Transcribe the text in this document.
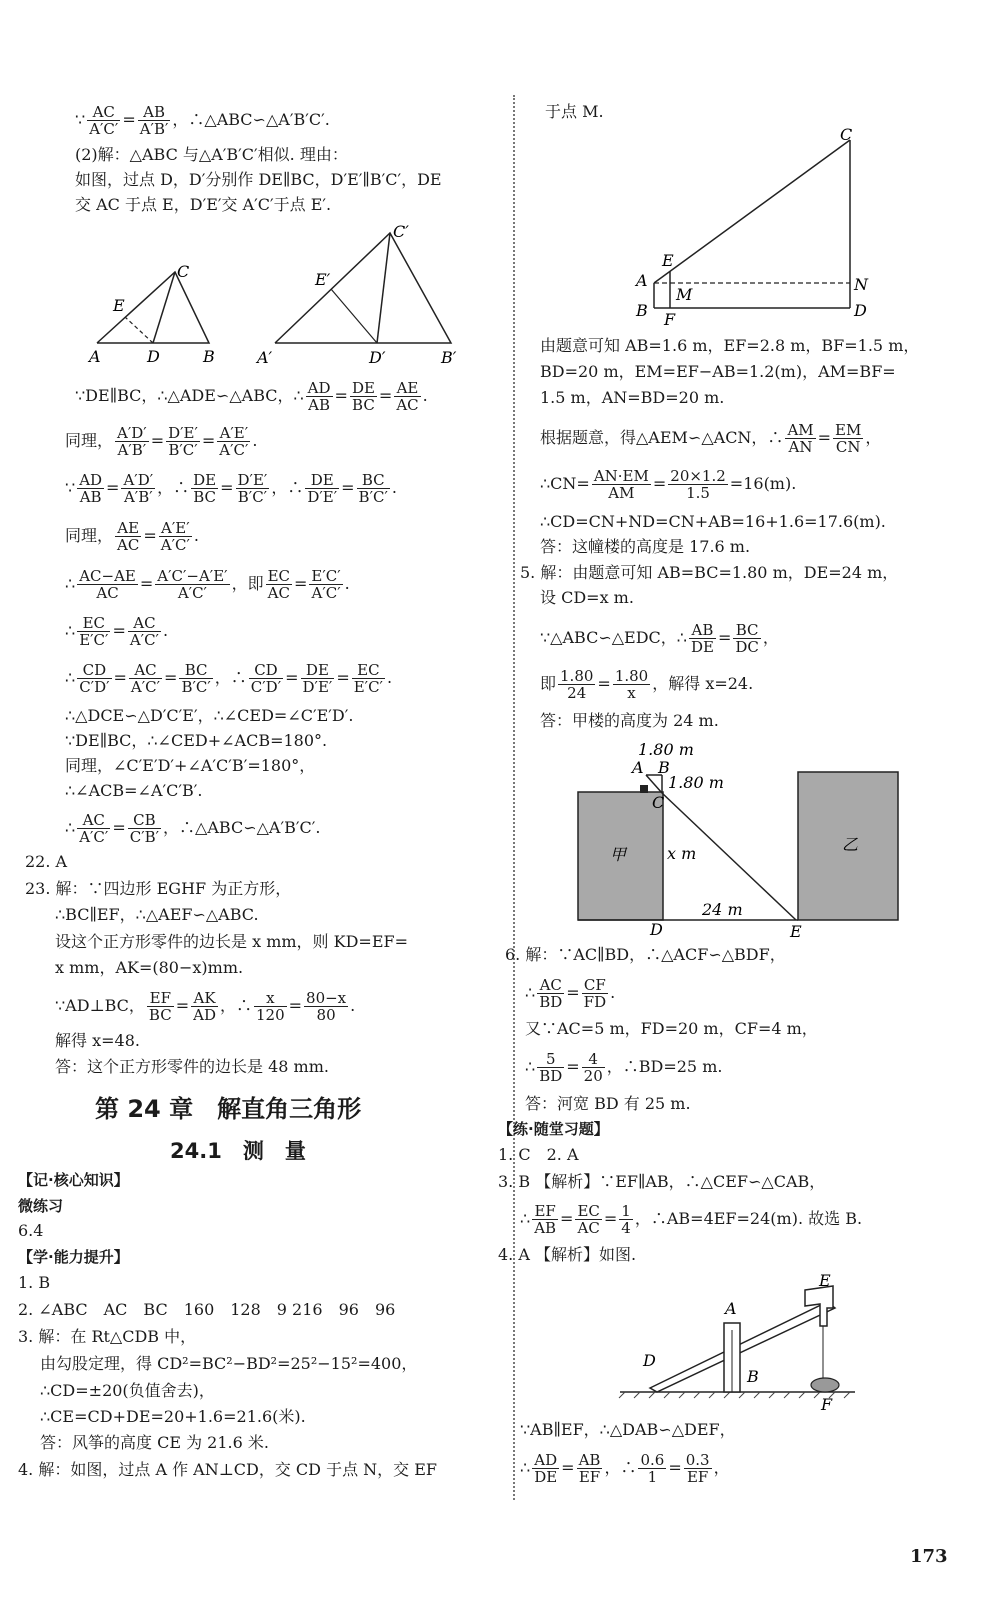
∵ $\frac{AC}{A'C'} = \frac{AB}{A'B'}$ ，∴△ABC∽△A′B′C′.
(2)解：△ABC 与△A′B′C′相似. 理由：
如图，过点 D，D′分别作 DE∥BC，D′E′∥B′C′，DE
交 AC 于点 E，D′E′交 A′C′于点 E′.
C
E
A	D	B
C′
E′
A′	D′	B′
∵DE∥BC，∴△ADE∽△ABC，∴ $\frac{AD}{AB} = \frac{DE}{BC} = \frac{AE}{AC}$ .
同理， $\frac{A'D'}{A'B'} = \frac{D'E'}{B'C'} = \frac{A'E'}{A'C'}$ .
∵ $\frac{AD}{AB} = \frac{A'D'}{A'B'}$ ，∴ $\frac{DE}{BC} = \frac{D'E'}{B'C'}$ ，∴ $\frac{DE}{D'E'} = \frac{BC}{B'C'}$ .
同理， $\frac{AE}{AC} = \frac{A'E'}{A'C'}$ .
∴ $\frac{AC-AE}{AC} = \frac{A'C'-A'E'}{A'C'}$ ，即 $\frac{EC}{AC} = \frac{E'C'}{A'C'}$ .
∴ $\frac{EC}{E'C'} = \frac{AC}{A'C'}$ .
∴ $\frac{CD}{C'D'} = \frac{AC}{A'C'} = \frac{BC}{B'C'}$ ，∴ $\frac{CD}{C'D'} = \frac{DE}{D'E'} = \frac{EC}{E'C'}$ .
∴△DCE∽△D′C′E′，∴∠CED=∠C′E′D′.
∵DE∥BC，∴∠CED+∠ACB=180°.
同理，∠C′E′D′+∠A′C′B′=180°，
∴∠ACB=∠A′C′B′.
∴ $\frac{AC}{A'C'} = \frac{CB}{C'B'}$ ，∴△ABC∽△A′B′C′.
22. A
23. 解：∵四边形 EGHF 为正方形，
∴BC∥EF，∴△AEF∽△ABC.
设这个正方形零件的边长是 x mm，则 KD=EF=
x mm，AK=(80−x)mm.
∵AD⊥BC， $\frac{EF}{BC} = \frac{AK}{AD}$ ，∴ $\frac{x}{120} = \frac{80-x}{80}$ .
解得 x=48.
答：这个正方形零件的边长是 48 mm.
第 24 章　解直角三角形
24.1　测　量
【记·核心知识】
微练习
6.4
【学·能力提升】
1. B
2. ∠ABC　AC　BC　160　128　9 216　96　96
3. 解：在 Rt△CDB 中，
由勾股定理，得 CD²=BC²−BD²=25²−15²=400，
∴CD=±20(负值舍去)，
∴CE=CD+DE=20+1.6=21.6(米).
答：风筝的高度 CE 为 21.6 米.
4. 解：如图，过点 A 作 AN⊥CD，交 CD 于点 N，交 EF
于点 M.
C
E
A
M
N
B F	D
由题意可知 AB=1.6 m，EF=2.8 m，BF=1.5 m，
BD=20 m，EM=EF−AB=1.2(m)，AM=BF=
1.5 m，AN=BD=20 m.
根据题意，得△AEM∽△ACN，∴ $\frac{AM}{AN} = \frac{EM}{CN}$ ，
∴CN= $\frac{AN\cdot EM}{AM} = \frac{20\times 1.2}{1.5} =16(m)$.
∴CD=CN+ND=CN+AB=16+1.6=17.6(m).
答：这幢楼的高度是 17.6 m.
5. 解：由题意可知 AB=BC=1.80 m，DE=24 m，
设 CD=x m.
∵△ABC∽△EDC，∴ $\frac{AB}{DE} = \frac{BC}{DC}$ ，
即 $\frac{1.80}{24} = \frac{1.80}{x}$ ，解得 x=24.
答：甲楼的高度为 24 m.
1.80 m
1.80 m
A B
C
D	E
甲
乙
x m
24 m
6. 解：∵AC∥BD，∴△ACF∽△BDF，
∴ $\frac{AC}{BD} = \frac{CF}{FD}$ .
又∵AC=5 m，FD=20 m，CF=4 m，
∴ $\frac{5}{BD} = \frac{4}{20}$ ，∴BD=25 m.
答：河宽 BD 有 25 m.
【练·随堂习题】
1. C　2. A
3. B 【解析】∵EF∥AB，∴△CEF∽△CAB，
∴ $\frac{EF}{AB} = \frac{EC}{AC} = \frac{1}{4}$ ，∴AB=4EF=24(m). 故选 B.
4. A 【解析】如图.
A
B
D
E
F
∵AB∥EF，∴△DAB∽△DEF，
∴ $\frac{AD}{DE} = \frac{AB}{EF}$ ，∴ $\frac{0.6}{1} = \frac{0.3}{EF}$ ，
173
